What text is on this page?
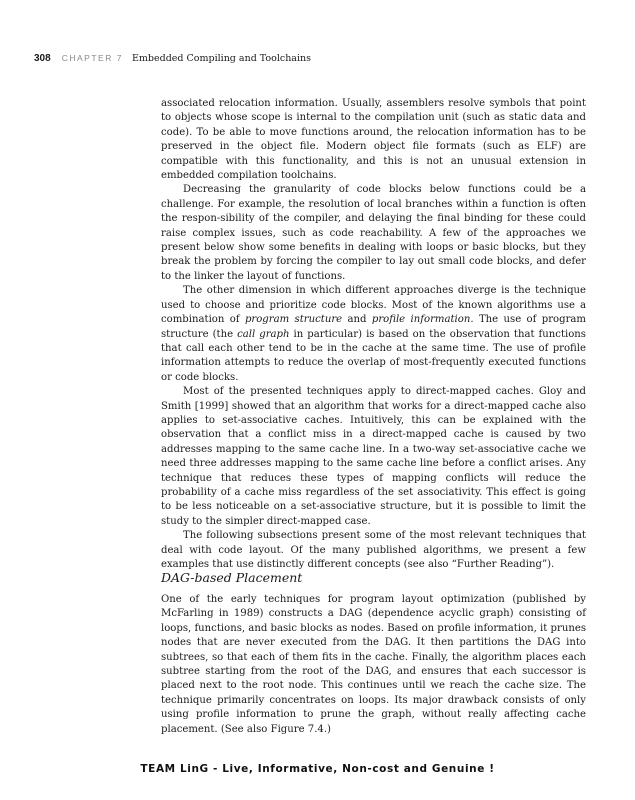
308 CHAPTER 7 Embedded Compiling and Toolchains

associated relocation information. Usually, assemblers resolve symbols that point to objects whose scope is internal to the compilation unit (such as static data and code). To be able to move functions around, the relocation information has to be preserved in the object file. Modern object file formats (such as ELF) are compatible with this functionality, and this is not an unusual extension in embedded compilation toolchains.

Decreasing the granularity of code blocks below functions could be a challenge. For example, the resolution of local branches within a function is often the respon-sibility of the compiler, and delaying the final binding for these could raise complex issues, such as code reachability. A few of the approaches we present below show some benefits in dealing with loops or basic blocks, but they break the problem by forcing the compiler to lay out small code blocks, and defer to the linker the layout of functions.

The other dimension in which different approaches diverge is the technique used to choose and prioritize code blocks. Most of the known algorithms use a combination of program structure and profile information. The use of program structure (the call graph in particular) is based on the observation that functions that call each other tend to be in the cache at the same time. The use of profile information attempts to reduce the overlap of most-frequently executed functions or code blocks.

Most of the presented techniques apply to direct-mapped caches. Gloy and Smith [1999] showed that an algorithm that works for a direct-mapped cache also applies to set-associative caches. Intuitively, this can be explained with the observation that a conflict miss in a direct-mapped cache is caused by two addresses mapping to the same cache line. In a two-way set-associative cache we need three addresses mapping to the same cache line before a conflict arises. Any technique that reduces these types of mapping conflicts will reduce the probability of a cache miss regardless of the set associativity. This effect is going to be less noticeable on a set-associative structure, but it is possible to limit the study to the simpler direct-mapped case.

The following subsections present some of the most relevant techniques that deal with code layout. Of the many published algorithms, we present a few examples that use distinctly different concepts (see also “Further Reading”).

DAG-based Placement

One of the early techniques for program layout optimization (published by McFarling in 1989) constructs a DAG (dependence acyclic graph) consisting of loops, functions, and basic blocks as nodes. Based on profile information, it prunes nodes that are never executed from the DAG. It then partitions the DAG into subtrees, so that each of them fits in the cache. Finally, the algorithm places each subtree starting from the root of the DAG, and ensures that each successor is placed next to the root node. This continues until we reach the cache size. The technique primarily concentrates on loops. Its major drawback consists of only using profile information to prune the graph, without really affecting cache placement. (See also Figure 7.4.)

TEAM LinG - Live, Informative, Non-cost and Genuine !
